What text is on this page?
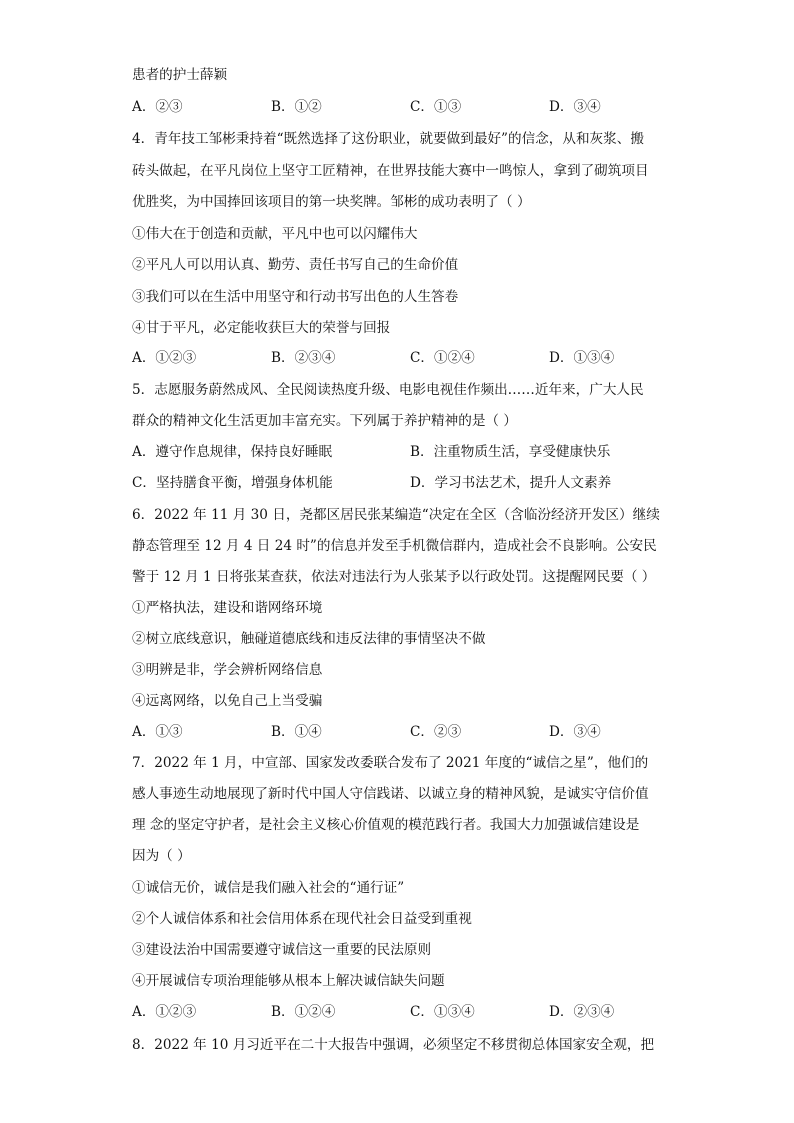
患者的护士薛颖
A．②③	B．①②	C．①③	D．③④
4．青年技工邹彬秉持着“既然选择了这份职业，就要做到最好”的信念，从和灰浆、搬
砖头做起，在平凡岗位上坚守工匠精神，在世界技能大赛中一鸣惊人，拿到了砌筑项目
优胜奖，为中国捧回该项目的第一块奖牌。邹彬的成功表明了（ ）
①伟大在于创造和贡献，平凡中也可以闪耀伟大
②平凡人可以用认真、勤劳、责任书写自己的生命价值
③我们可以在生活中用坚守和行动书写出色的人生答卷
④甘于平凡，必定能收获巨大的荣誉与回报
A．①②③	B．②③④	C．①②④	D．①③④
5．志愿服务蔚然成风、全民阅读热度升级、电影电视佳作频出……近年来，广大人民
群众的精神文化生活更加丰富充实。下列属于养护精神的是（ ）
A．遵守作息规律，保持良好睡眠	B．注重物质生活，享受健康快乐
C．坚持膳食平衡，增强身体机能	D．学习书法艺术，提升人文素养
6．2022 年 11 月 30 日，尧都区居民张某编造“决定在全区（含临汾经济开发区）继续
静态管理至 12 月 4 日 24 时”的信息并发至手机微信群内，造成社会不良影响。公安民
警于 12 月 1 日将张某查获，依法对违法行为人张某予以行政处罚。这提醒网民要（ ）
①严格执法，建设和谐网络环境
②树立底线意识，触碰道德底线和违反法律的事情坚决不做
③明辨是非，学会辨析网络信息
④远离网络，以免自己上当受骗
A．①③	B．①④	C．②③	D．③④
7．2022 年 1 月，中宣部、国家发改委联合发布了 2021 年度的“诚信之星”，他们的
感人事迹生动地展现了新时代中国人守信践诺、以诚立身的精神风貌，是诚实守信价值
理 念的坚定守护者，是社会主义核心价值观的模范践行者。我国大力加强诚信建设是
因为（ ）
①诚信无价，诚信是我们融入社会的“通行证”
②个人诚信体系和社会信用体系在现代社会日益受到重视
③建设法治中国需要遵守诚信这一重要的民法原则
④开展诚信专项治理能够从根本上解决诚信缺失问题
A．①②③	B．①②④	C．①③④	D．②③④
8．2022 年 10 月习近平在二十大报告中强调，必须坚定不移贯彻总体国家安全观，把
